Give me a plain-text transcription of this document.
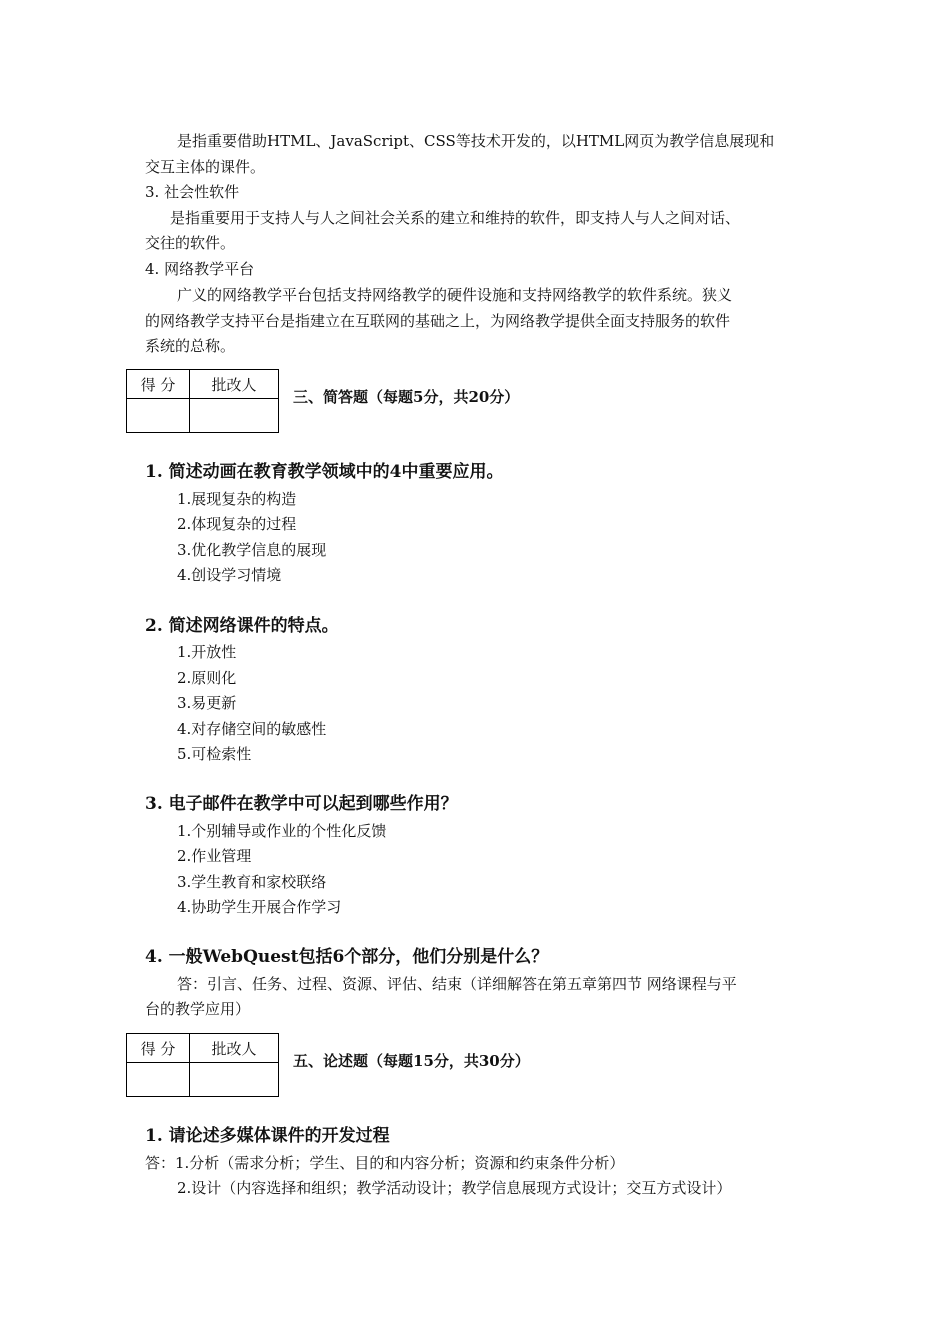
是指重要借助HTML、JavaScript、CSS等技术开发的，以HTML网页为教学信息展现和
交互主体的课件。
3. 社会性软件
是指重要用于支持人与人之间社会关系的建立和维持的软件，即支持人与人之间对话、
交往的软件。
4. 网络教学平台
广义的网络教学平台包括支持网络教学的硬件设施和支持网络教学的软件系统。狭义
的网络教学支持平台是指建立在互联网的基础之上，为网络教学提供全面支持服务的软件
系统的总称。
得 分	批改人

三、简答题（每题5分，共20分）
1. 简述动画在教育教学领域中的4中重要应用。
1.展现复杂的构造
2.体现复杂的过程
3.优化教学信息的展现
4.创设学习情境
2. 简述网络课件的特点。
1.开放性
2.原则化
3.易更新
4.对存储空间的敏感性
5.可检索性
3. 电子邮件在教学中可以起到哪些作用？
1.个别辅导或作业的个性化反馈
2.作业管理
3.学生教育和家校联络
4.协助学生开展合作学习
4. 一般WebQuest包括6个部分，他们分别是什么？
答：引言、任务、过程、资源、评估、结束（详细解答在第五章第四节 网络课程与平
台的教学应用）
得 分	批改人

五、论述题（每题15分，共30分）
1. 请论述多媒体课件的开发过程
答：1.分析（需求分析；学生、目的和内容分析；资源和约束条件分析）
2.设计（内容选择和组织；教学活动设计；教学信息展现方式设计；交互方式设计）
